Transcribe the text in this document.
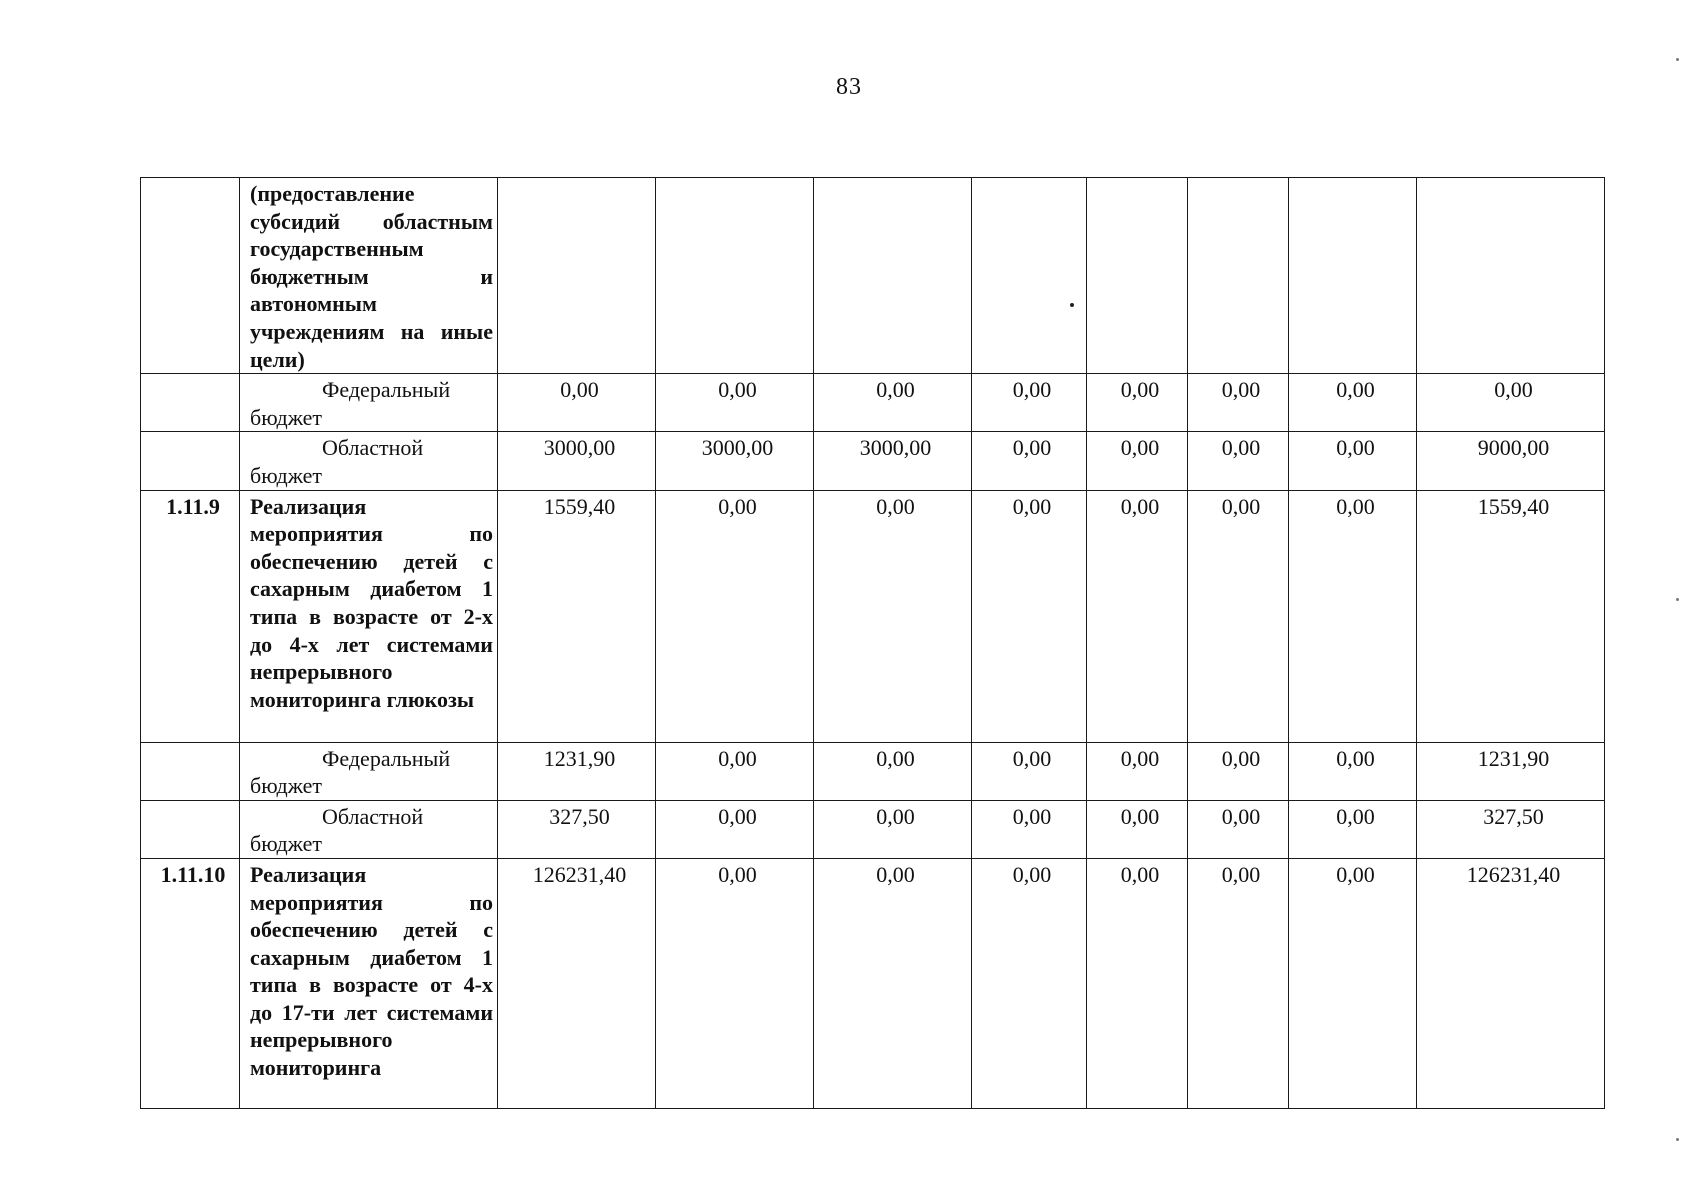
83
	(предоставление субсидий областным государственным бюджетным и автономным учреждениям на иные цели)								

	Федеральный
бюджет	0,00	0,00	0,00	0,00	0,00	0,00	0,00	0,00

	Областной
бюджет	3000,00	3000,00	3000,00	0,00	0,00	0,00	0,00	9000,00
1.11.9	Реализация мероприятия по обеспечению детей с сахарным диабетом 1 типа в возрасте от 2-х до 4-х лет системами непрерывного мониторинга глюкозы	1559,40	0,00	0,00	0,00	0,00	0,00	0,00	1559,40

	Федеральный
бюджет	1231,90	0,00	0,00	0,00	0,00	0,00	0,00	1231,90

	Областной
бюджет	327,50	0,00	0,00	0,00	0,00	0,00	0,00	327,50
1.11.10	Реализация мероприятия по обеспечению детей с сахарным диабетом 1 типа в возрасте от 4-х до 17-ти лет системами непрерывного мониторинга	126231,40	0,00	0,00	0,00	0,00	0,00	0,00	126231,40
